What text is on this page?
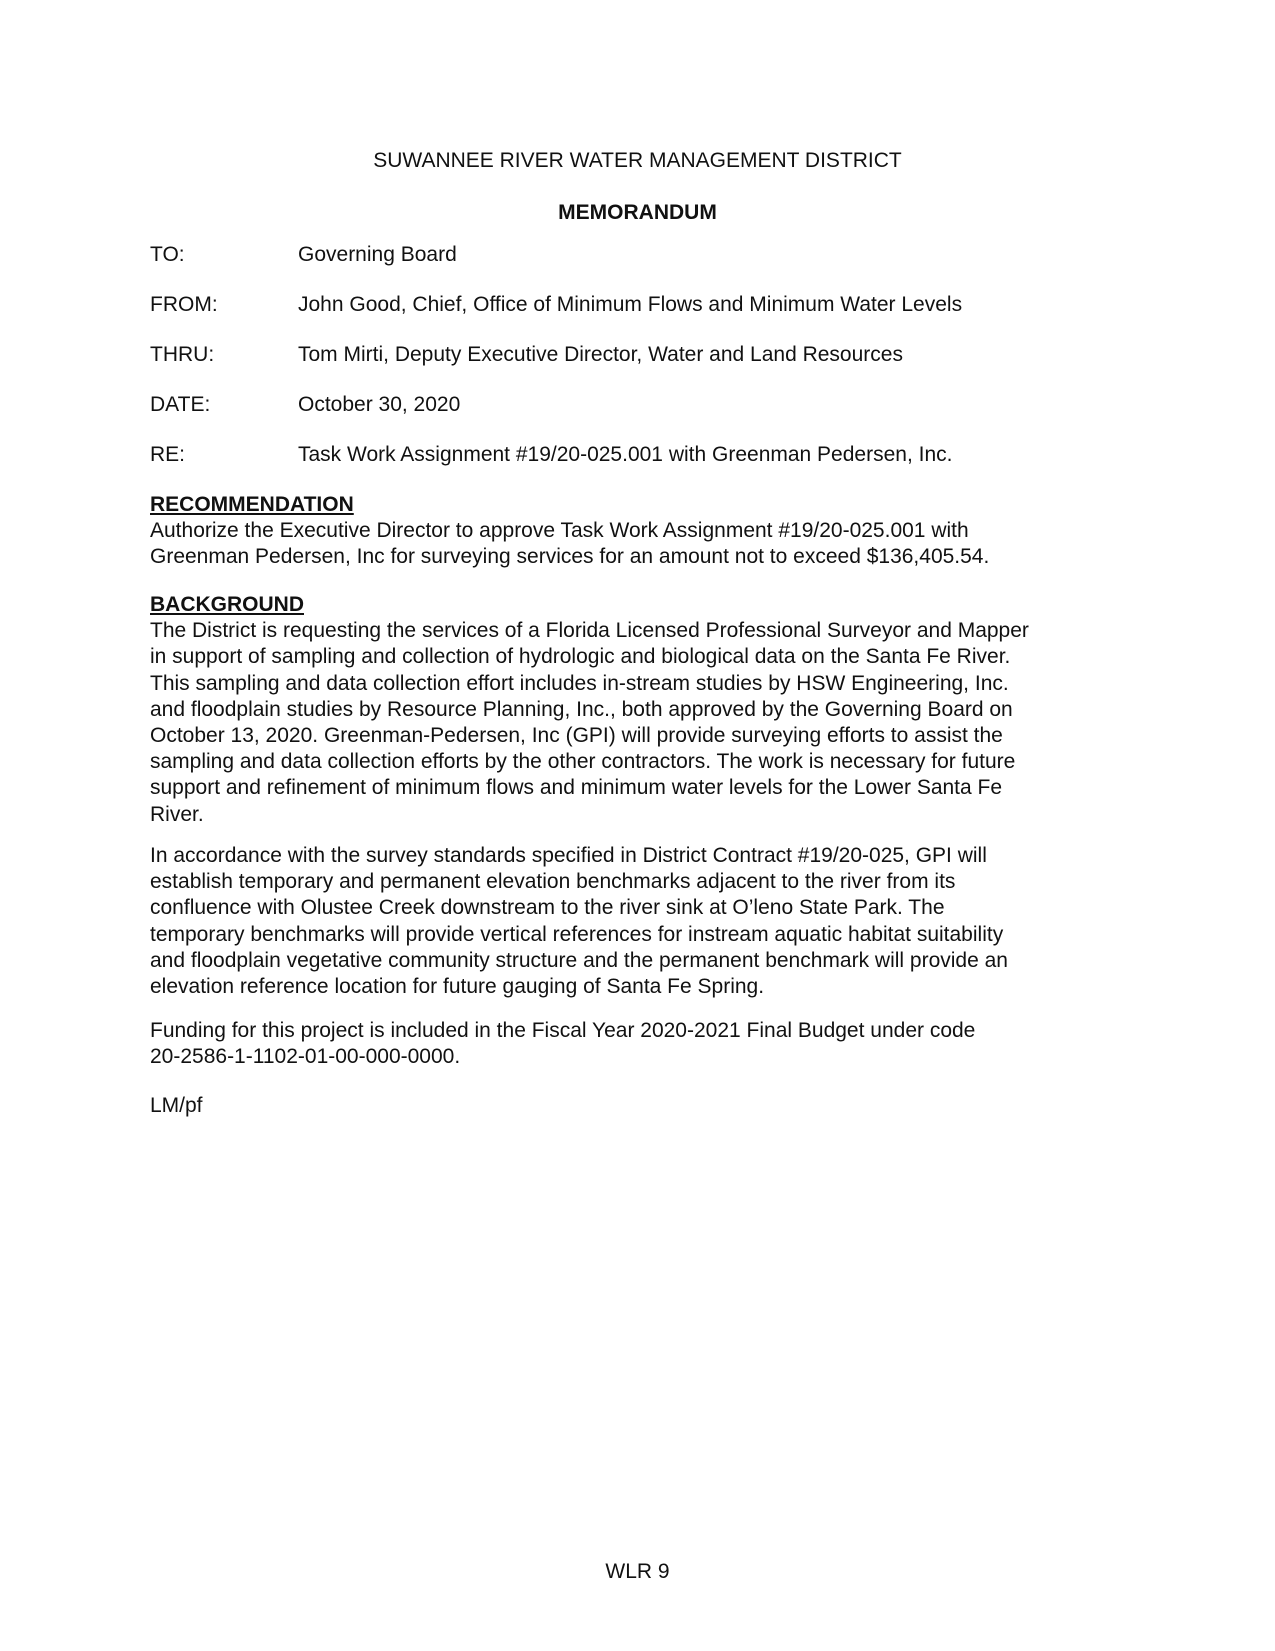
SUWANNEE RIVER WATER MANAGEMENT DISTRICT
MEMORANDUM
TO:	Governing Board
FROM:	John Good, Chief, Office of Minimum Flows and Minimum Water Levels
THRU:	Tom Mirti, Deputy Executive Director, Water and Land Resources
DATE:	October 30, 2020
RE:	Task Work Assignment #19/20-025.001 with Greenman Pedersen, Inc.
RECOMMENDATION
Authorize the Executive Director to approve Task Work Assignment #19/20-025.001 with
Greenman Pedersen, Inc for surveying services for an amount not to exceed $136,405.54.
BACKGROUND
The District is requesting the services of a Florida Licensed Professional Surveyor and Mapper
in support of sampling and collection of hydrologic and biological data on the Santa Fe River.
This sampling and data collection effort includes in-stream studies by HSW Engineering, Inc.
and floodplain studies by Resource Planning, Inc., both approved by the Governing Board on
October 13, 2020. Greenman-Pedersen, Inc (GPI) will provide surveying efforts to assist the
sampling and data collection efforts by the other contractors. The work is necessary for future
support and refinement of minimum flows and minimum water levels for the Lower Santa Fe
River.
In accordance with the survey standards specified in District Contract #19/20-025, GPI will
establish temporary and permanent elevation benchmarks adjacent to the river from its
confluence with Olustee Creek downstream to the river sink at O’leno State Park. The
temporary benchmarks will provide vertical references for instream aquatic habitat suitability
and floodplain vegetative community structure and the permanent benchmark will provide an
elevation reference location for future gauging of Santa Fe Spring.
Funding for this project is included in the Fiscal Year 2020-2021 Final Budget under code
20-2586-1-1102-01-00-000-0000.
LM/pf
WLR 9
